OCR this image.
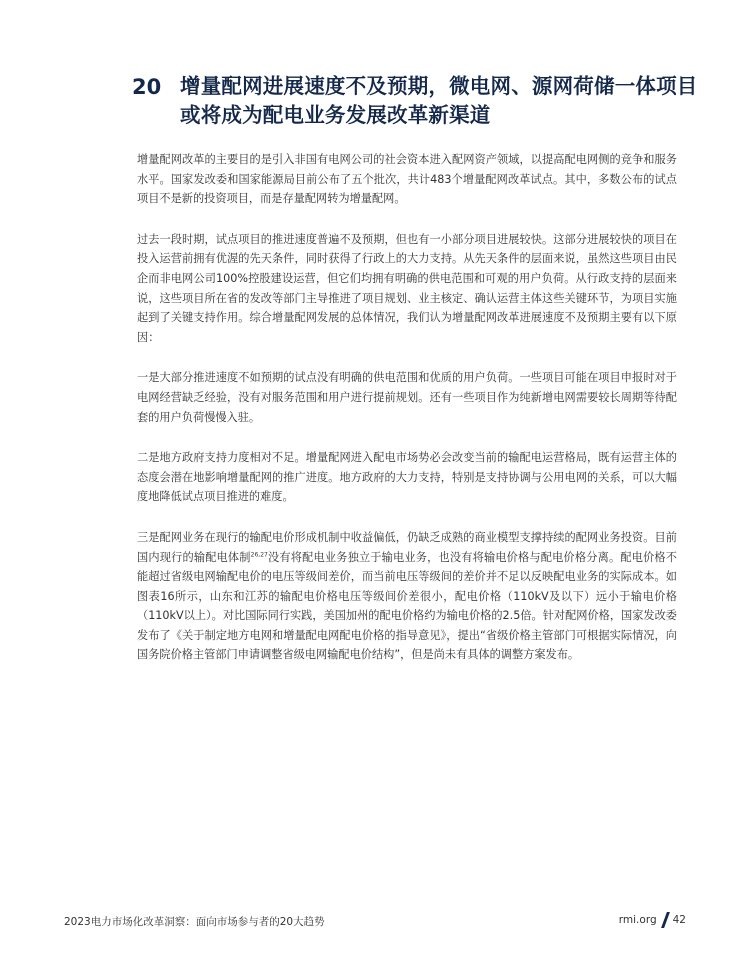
20 增量配网进展速度不及预期，微电网、源网荷储一体项目或将成为配电业务发展改革新渠道

增量配网改革的主要目的是引入非国有电网公司的社会资本进入配网资产领域，以提高配电网侧的竞争和服务水平。国家发改委和国家能源局目前公布了五个批次，共计483个增量配网改革试点。其中，多数公布的试点项目不是新的投资项目，而是存量配网转为增量配网。

过去一段时期，试点项目的推进速度普遍不及预期，但也有一小部分项目进展较快。这部分进展较快的项目在投入运营前拥有优渥的先天条件，同时获得了行政上的大力支持。从先天条件的层面来说，虽然这些项目由民企而非电网公司100%控股建设运营，但它们均拥有明确的供电范围和可观的用户负荷。从行政支持的层面来说，这些项目所在省的发改等部门主导推进了项目规划、业主核定、确认运营主体这些关键环节，为项目实施起到了关键支持作用。综合增量配网发展的总体情况，我们认为增量配网改革进展速度不及预期主要有以下原因：

一是大部分推进速度不如预期的试点没有明确的供电范围和优质的用户负荷。一些项目可能在项目申报时对于电网经营缺乏经验，没有对服务范围和用户进行提前规划。还有一些项目作为纯新增电网需要较长周期等待配套的用户负荷慢慢入驻。

二是地方政府支持力度相对不足。增量配网进入配电市场势必会改变当前的输配电运营格局，既有运营主体的态度会潜在地影响增量配网的推广进度。地方政府的大力支持，特别是支持协调与公用电网的关系，可以大幅度地降低试点项目推进的难度。

三是配网业务在现行的输配电价形成机制中收益偏低，仍缺乏成熟的商业模型支撑持续的配网业务投资。目前国内现行的输配电体制$^{26,27}$没有将配电业务独立于输电业务，也没有将输电价格与配电价格分离。配电价格不能超过省级电网输配电价的电压等级间差价，而当前电压等级间的差价并不足以反映配电业务的实际成本。如图表16所示，山东和江苏的输配电价格电压等级间价差很小，配电价格（110kV及以下）远小于输电价格（110kV以上）。对比国际同行实践，美国加州的配电价格约为输电价格的2.5倍。针对配网价格，国家发改委发布了《关于制定地方电网和增量配电网配电价格的指导意见》，提出“省级价格主管部门可根据实际情况，向国务院价格主管部门申请调整省级电网输配电价结构”，但是尚未有具体的调整方案发布。

2023电力市场化改革洞察：面向市场参与者的20大趋势	rmi.org 42
